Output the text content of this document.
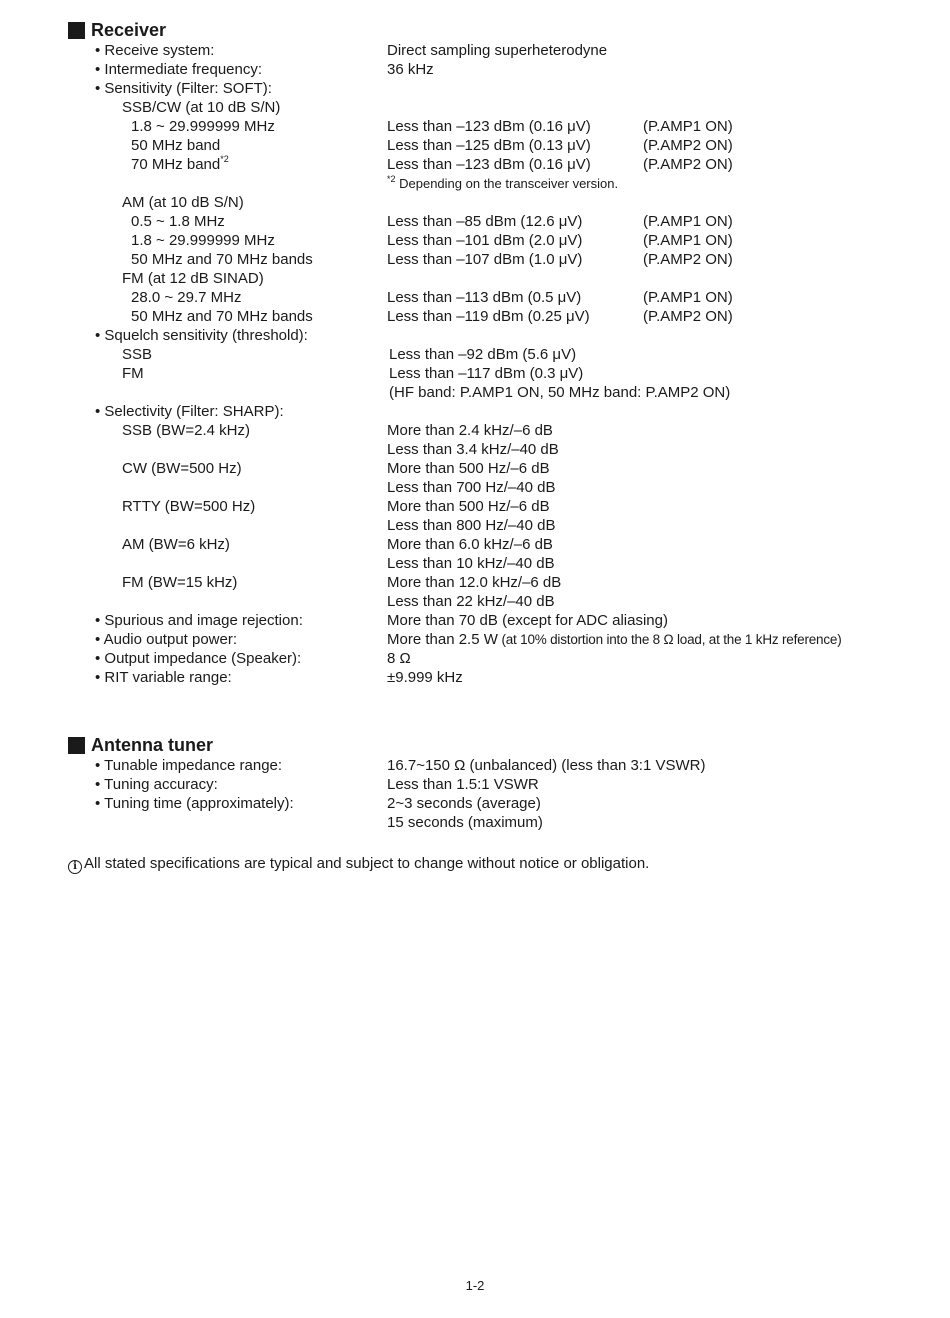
Receiver
• Receive system:	Direct sampling superheterodyne
• Intermediate frequency:	36 kHz
• Sensitivity (Filter: SOFT):
SSB/CW (at 10 dB S/N)
1.8 ~ 29.999999 MHz	Less than –123 dBm (0.16 μV)	(P.AMP1 ON)
50 MHz band	Less than –125 dBm (0.13 μV)	(P.AMP2 ON)
70 MHz band$^{*2}$	Less than –123 dBm (0.16 μV)	(P.AMP2 ON)
$^{*2}$ Depending on the transceiver version.
AM (at 10 dB S/N)
0.5 ~ 1.8 MHz	Less than –85 dBm (12.6 μV)	(P.AMP1 ON)
1.8 ~ 29.999999 MHz	Less than –101 dBm (2.0 μV)	(P.AMP1 ON)
50 MHz and 70 MHz bands	Less than –107 dBm (1.0 μV)	(P.AMP2 ON)
FM (at 12 dB SINAD)
28.0 ~ 29.7 MHz	Less than –113 dBm (0.5 μV)	(P.AMP1 ON)
50 MHz and 70 MHz bands	Less than –119 dBm (0.25 μV)	(P.AMP2 ON)
• Squelch sensitivity (threshold):
SSB	Less than –92 dBm (5.6 μV)
FM	Less than –117 dBm (0.3 μV)
(HF band: P.AMP1 ON, 50 MHz band: P.AMP2 ON)
• Selectivity (Filter: SHARP):
SSB (BW=2.4 kHz)	More than 2.4 kHz/–6 dB
Less than 3.4 kHz/–40 dB
CW (BW=500 Hz)	More than 500 Hz/–6 dB
Less than 700 Hz/–40 dB
RTTY (BW=500 Hz)	More than 500 Hz/–6 dB
Less than 800 Hz/–40 dB
AM (BW=6 kHz)	More than 6.0 kHz/–6 dB
Less than 10 kHz/–40 dB
FM (BW=15 kHz)	More than 12.0 kHz/–6 dB
Less than 22 kHz/–40 dB
• Spurious and image rejection:	More than 70 dB (except for ADC aliasing)
• Audio output power:	More than 2.5 W (at 10% distortion into the 8 Ω load, at the 1 kHz reference)
• Output impedance (Speaker):	8 Ω
• RIT variable range:	±9.999 kHz
Antenna tuner
• Tunable impedance range:	16.7~150 Ω (unbalanced) (less than 3:1 VSWR)
• Tuning accuracy:	Less than 1.5:1 VSWR
• Tuning time (approximately):	2~3 seconds (average)
15 seconds (maximum)
i All stated specifications are typical and subject to change without notice or obligation.
1-2
